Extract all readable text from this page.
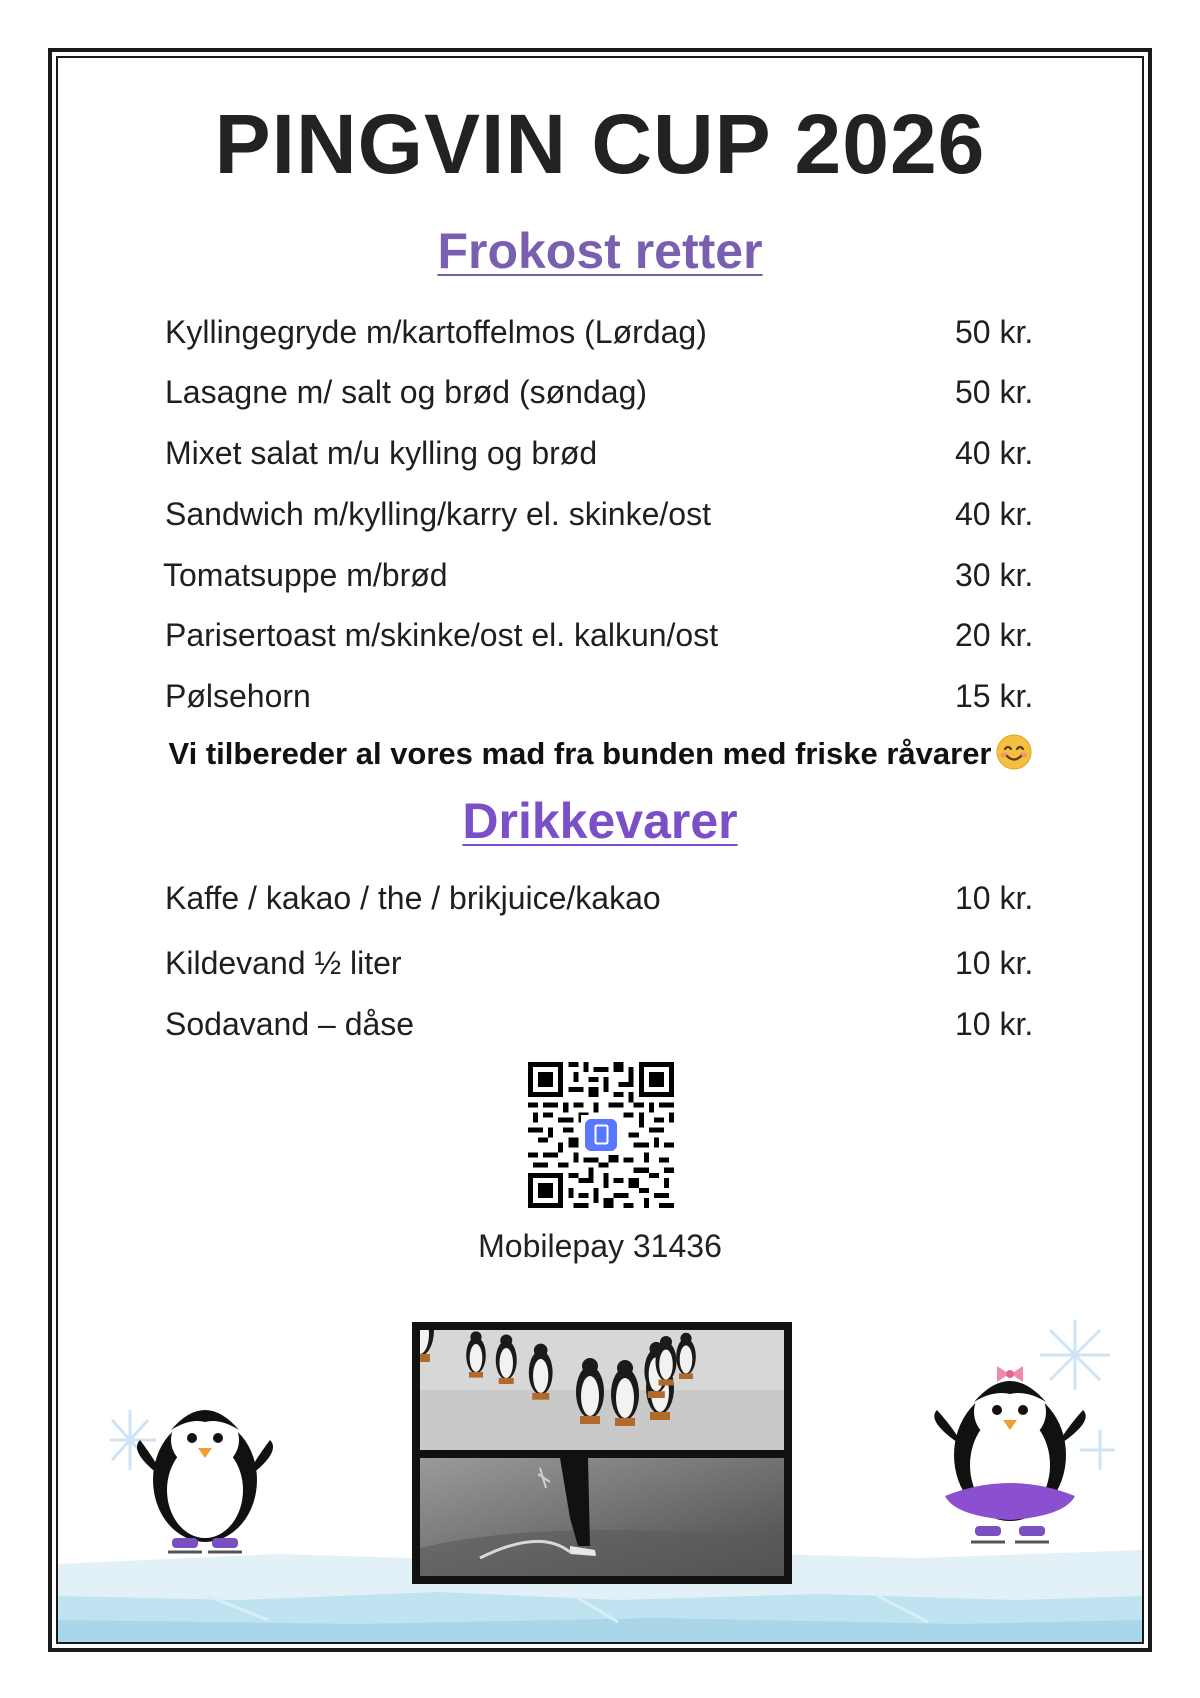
PINGVIN CUP 2026
Frokost retter
Kyllingegryde m/kartoffelmos (Lørdag)	50 kr.
Lasagne m/ salt og brød (søndag)	50 kr.
Mixet salat m/u kylling og brød	40 kr.
Sandwich m/kylling/karry el. skinke/ost	40 kr.
Tomatsuppe m/brød	30 kr.
Parisertoast m/skinke/ost el. kalkun/ost	20 kr.
Pølsehorn	15 kr.
Vi tilbereder al vores mad fra bunden med friske råvarer
Drikkevarer
Kaffe / kakao / the / brikjuice/kakao	10 kr.
Kildevand ½ liter	10 kr.
Sodavand – dåse	10 kr.
Mobilepay 31436
